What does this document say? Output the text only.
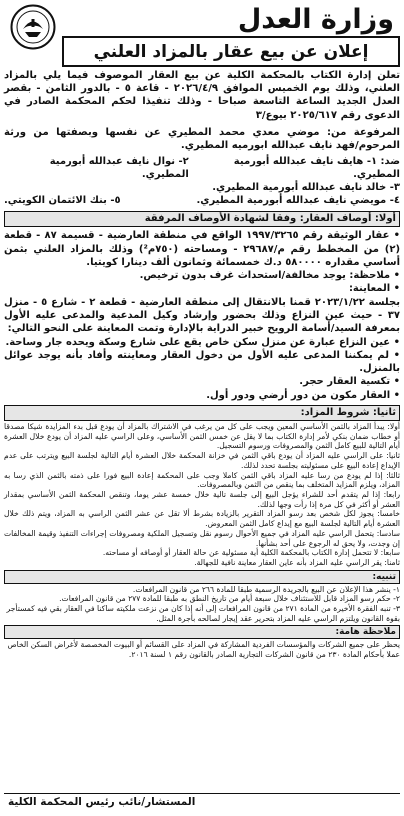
وزارة العدل
إعلان عن بيع عقار بالمزاد العلني

تعلن إدارة الكتاب بالمحكمة الكلية عن بيع العقار الموصوف فيما يلي بالمزاد العلني، وذلك يوم الخميس الموافق ٢٠٢٦/٤/٩ - قاعة ٥ - بالدور الثامن - بقصر العدل الجديد الساعة التاسعة صباحا - وذلك تنفيذا لحكم المحكمة الصادر في الدعوى رقم ٢٠٢٥/٦١٧ بيوع/٣

المرفوعة من: موضي معدي محمد المطيري عن نفسها وبصفتها من ورثة المرحوم/فهد نايف عبدالله ابورميه المطيري.

ضد: ١- هايف نايف عبدالله أبورمية المطيري.
٢- نوال نايف عبدالله أبورمية المطيري.
٣- خالد نايف عبدالله أبورمية المطيري.
٤- مويضي نايف عبدالله أبورمية المطيري.
٥- بنك الائتمان الكويتي.
أولا: أوصاف العقار: وفقا لشهادة الأوصاف المرفقة

• عقار الوثيقة رقم ١٩٩٧/٣٢٦٥ الواقع في منطقة العارضية - قسيمة ٨٧ - قطعة (٢) من المخطط رقم م/٢٩٦٨٧ - ومساحته (٧٥٠م²) وذلك بالمزاد العلني بثمن أساسي مقداره ٥٨٠٠٠٠ د.ك خمسمائة وثمانون ألف دينارا كويتيا.

• ملاحظة: يوجد مخالفة/استحداث غرف بدون ترخيص.

• المعاينة:

بجلسة ٢٠٢٣/١/٢٢ قمنا بالانتقال إلى منطقة العارضية - قطعة ٢ - شارع ٥ - منزل ٣٧ - حيث عين النزاع وذلك بحضور وإرشاد وكيل المدعية والمدعى عليه الأول بمعرفة السيد/أسامة الرويح خبير الدراية بالإدارة وتمت المعاينة على النحو التالي:

• عين النزاع عبارة عن منزل سكن خاص يقع على شارع وسكة ويحده جار وساحة.

• لم يمكننا المدعى عليه الأول من دخول العقار ومعاينته وأفاد بأنه يوجد عوائل بالمنزل.

• تكسية العقار حجر.

• العقار مكون من دور أرضي ودور أول.

ثانيا: شروط المزاد:

أولا: يبدأ المزاد بالثمن الأساسي المعين ويجب على كل من يرغب في الاشتراك بالمزاد أن يودع قبل بدء المزايدة شيكا مصدقا أو خطاب ضمان بنكي لأمر إدارة الكتاب بما لا يقل عن خمس الثمن الأساسي، وعلى الراسي عليه المزاد أن يودع خلال العشرة أيام التالية للبيع كامل الثمن والمصروفات ورسوم التسجيل.

ثانيا: على الراسي عليه المزاد أن يودع باقي الثمن في خزانة المحكمة خلال العشرة أيام التالية لجلسة البيع ويترتب على عدم الإيداع إعادة البيع على مسئوليته بجلسة تحدد لذلك.

ثالثا: إذا لم يودع من رسا عليه المزاد باقي الثمن كاملا وجب على المحكمة إعادة البيع فورا على ذمته بالثمن الذي رسا به المزاد، ويلزم المزايد المتخلف بما ينقص من الثمن وبالمصروفات.

رابعا: إذا لم يتقدم أحد للشراء يؤجل البيع إلى جلسة تالية خلال خمسة عشر يوما، وتنقص المحكمة الثمن الأساسي بمقدار العشر أو أكثر في كل مرة إذا رأت وجها لذلك.

خامسا: يجوز لكل شخص بعد رسو المزاد التقرير بالزيادة بشرط ألا تقل عن عشر الثمن الراسي به المزاد، ويتم ذلك خلال العشرة أيام التالية لجلسة البيع مع إيداع كامل الثمن المعروض.

سادسا: يتحمل الراسي عليه المزاد في جميع الأحوال رسوم نقل وتسجيل الملكية ومصروفات إجراءات التنفيذ وقيمة المخالفات إن وجدت، ولا يحق له الرجوع على أحد بشأنها.

سابعا: لا تتحمل إدارة الكتاب بالمحكمة الكلية أية مسئولية عن حالة العقار أو أوصافه أو مساحته.

ثامنا: يقر الراسي عليه المزاد بأنه عاين العقار معاينة نافية للجهالة.

تنبيه:

١- ينشر هذا الإعلان عن البيع بالجريدة الرسمية طبقا للمادة ٢٦٦ من قانون المرافعات.

٢- حكم رسو المزاد قابل للاستئناف خلال سبعة أيام من تاريخ النطق به طبقا للمادة ٢٧٧ من قانون المرافعات.

٣- تنبه الفقرة الأخيرة من المادة ٢٧١ من قانون المرافعات إلى أنه إذا كان من نزعت ملكيته ساكنا في العقار بقي فيه كمستأجر بقوة القانون ويلتزم الراسي عليه المزاد بتحرير عقد إيجار لصالحه بأجرة المثل.

ملاحظة هامة:

يحظر على جميع الشركات والمؤسسات الفردية المشاركة في المزاد على القسائم أو البيوت المخصصة لأغراض السكن الخاص عملا بأحكام المادة ٢٣٠ من قانون الشركات التجارية الصادر بالقانون رقم ١ لسنة ٢٠١٦.

المستشار/نائب رئيس المحكمة الكلية
